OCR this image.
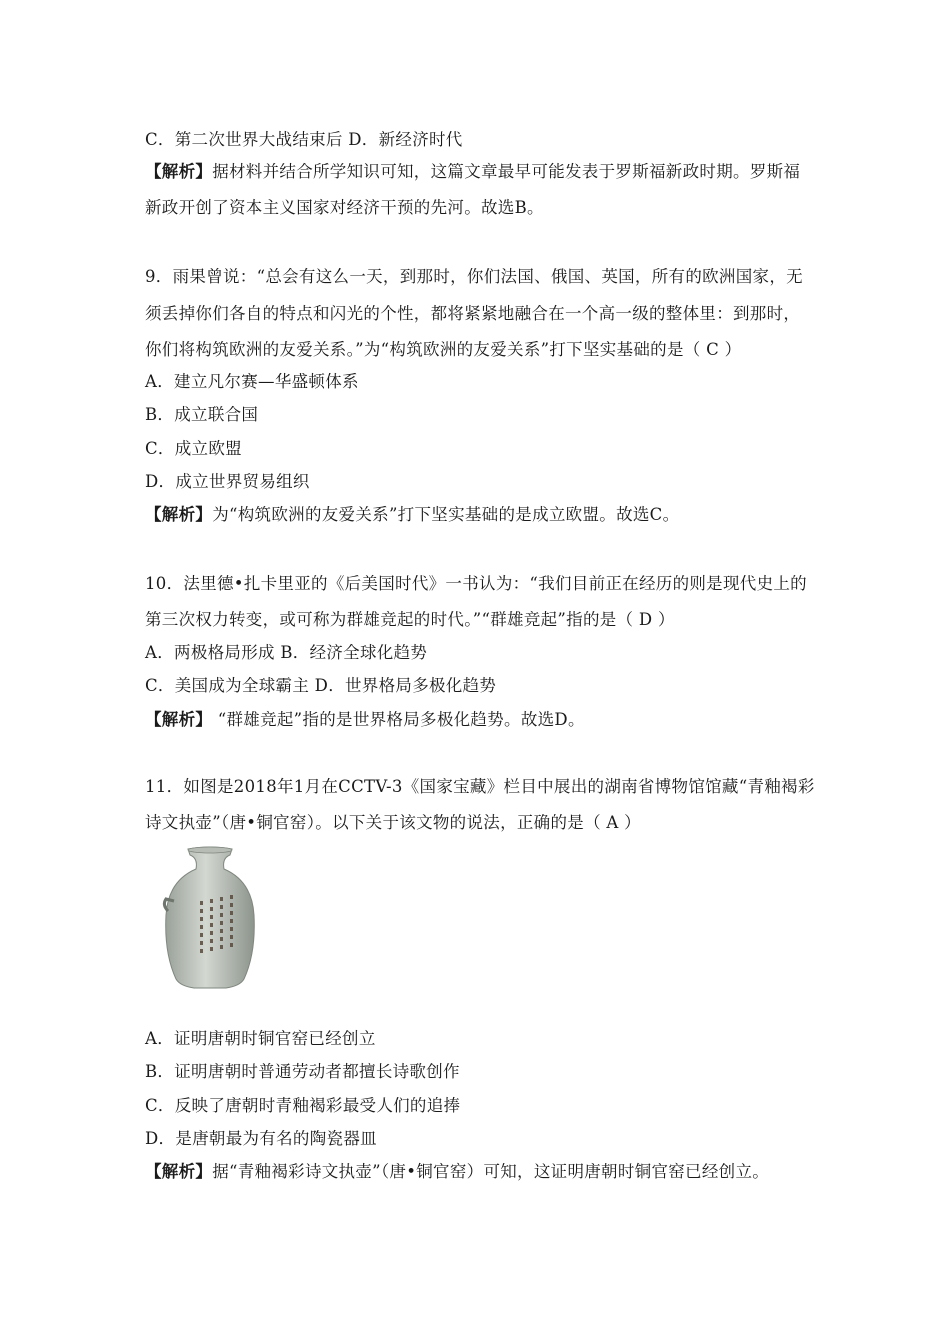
C．第二次世界大战结束后 D．新经济时代
【解析】据材料并结合所学知识可知，这篇文章最早可能发表于罗斯福新政时期。罗斯福
新政开创了资本主义国家对经济干预的先河。故选B。
9．雨果曾说：“总会有这么一天，到那时，你们法国、俄国、英国，所有的欧洲国家，无
须丢掉你们各自的特点和闪光的个性，都将紧紧地融合在一个高一级的整体里：到那时，
你们将构筑欧洲的友爱关系。”为“构筑欧洲的友爱关系”打下坚实基础的是（ C ）
A．建立凡尔赛—华盛顿体系
B．成立联合国
C．成立欧盟
D．成立世界贸易组织
【解析】为“构筑欧洲的友爱关系”打下坚实基础的是成立欧盟。故选C。
10．法里德•扎卡里亚的《后美国时代》一书认为：“我们目前正在经历的则是现代史上的
第三次权力转变，或可称为群雄竞起的时代。”“群雄竞起”指的是（ D ）
A．两极格局形成 B．经济全球化趋势
C．美国成为全球霸主 D．世界格局多极化趋势
【解析】 “群雄竞起”指的是世界格局多极化趋势。故选D。
11．如图是2018年1月在CCTV-3《国家宝藏》栏目中展出的湖南省博物馆馆藏“青釉褐彩
诗文执壶”（唐•铜官窑）。以下关于该文物的说法，正确的是（ A ）
A．证明唐朝时铜官窑已经创立
B．证明唐朝时普通劳动者都擅长诗歌创作
C．反映了唐朝时青釉褐彩最受人们的追捧
D．是唐朝最为有名的陶瓷器皿
【解析】据“青釉褐彩诗文执壶”（唐•铜官窑）可知，这证明唐朝时铜官窑已经创立。
